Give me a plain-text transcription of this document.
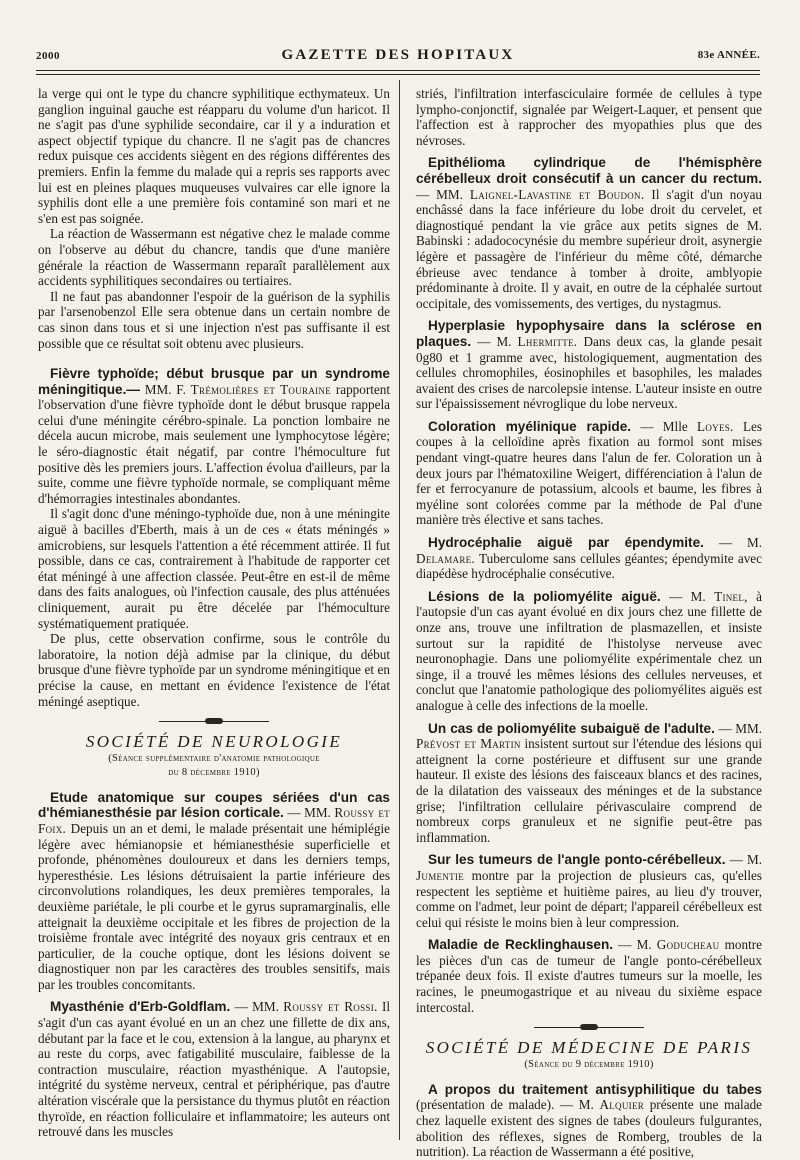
2000	GAZETTE DES HOPITAUX	83e ANNÉE.

la verge qui ont le type du chancre syphilitique ecthymateux. Un ganglion inguinal gauche est réapparu du volume d'un haricot. Il ne s'agit pas d'une syphilide secondaire, car il y a induration et aspect objectif typique du chancre. Il ne s'agit pas de chancres redux puisque ces accidents siègent en des régions différentes des premiers. Enfin la femme du malade qui a repris ses rapports avec lui est en pleines plaques muqueuses vulvaires car elle ignore la syphilis dont elle a une première fois contaminé son mari et ne s'en est pas soignée.

La réaction de Wassermann est négative chez le malade comme on l'observe au début du chancre, tandis que d'une manière générale la réaction de Wassermann reparaît parallèlement aux accidents syphilitiques secondaires ou tertiaires.

Il ne faut pas abandonner l'espoir de la guérison de la syphilis par l'arsenobenzol Elle sera obtenue dans un certain nombre de cas sinon dans tous et si une injection n'est pas suffisante il est possible que ce résultat soit obtenu avec plusieurs.

Fièvre typhoïde; début brusque par un syndrome méningitique.— MM. F. Trémolières et Touraine rapportent l'observation d'une fièvre typhoïde dont le début brusque rappela celui d'une méningite cérébro-spinale. La ponction lombaire ne décela aucun microbe, mais seulement une lymphocytose légère; le séro-diagnostic était négatif, par contre l'hémoculture fut positive dès les premiers jours. L'affection évolua d'ailleurs, par la suite, comme une fièvre typhoïde normale, se compliquant même d'hémorragies intestinales abondantes.

Il s'agit donc d'une méningo-typhoïde due, non à une méningite aiguë à bacilles d'Eberth, mais à un de ces « états méningés » amicrobiens, sur lesquels l'attention a été récemment attirée. Il fut possible, dans ce cas, contrairement à l'habitude de rapporter cet état méningé à une affection classée. Peut-être en est-il de même dans des faits analogues, où l'infection causale, des plus atténuées cliniquement, aurait pu être décelée par l'hémoculture systématiquement pratiquée.

De plus, cette observation confirme, sous le contrôle du laboratoire, la notion déjà admise par la clinique, du début brusque d'une fièvre typhoïde par un syndrome méningitique et en précise la cause, en mettant en évidence l'existence de l'état méningé aseptique.

SOCIÉTÉ DE NEUROLOGIE
(Séance supplémentaire d'anatomie pathologique
du 8 décembre 1910)

Etude anatomique sur coupes sériées d'un cas d'hémianesthésie par lésion corticale. — MM. Roussy et Foix. Depuis un an et demi, le malade présentait une hémiplégie légère avec hémianopsie et hémianesthésie superficielle et profonde, phénomènes douloureux et dans les derniers temps, hyperesthésie. Les lésions détruisaient la partie inférieure des circonvolutions rolandiques, les deux premières temporales, la deuxième pariétale, le pli courbe et le gyrus supramarginalis, elle atteignait la deuxième occipitale et les fibres de projection de la troisième frontale avec intégrité des noyaux gris centraux et en particulier, de la couche optique, dont les lésions doivent se diagnostiquer non par les caractères des troubles sensitifs, mais par les troubles concomitants.

Myasthénie d'Erb-Goldflam. — MM. Roussy et Rossi. Il s'agit d'un cas ayant évolué en un an chez une fillette de dix ans, débutant par la face et le cou, extension à la langue, au pharynx et au reste du corps, avec fatigabilité musculaire, faiblesse de la contraction musculaire, réaction myasthénique. A l'autopsie, intégrité du système nerveux, central et périphérique, pas d'autre altération viscérale que la persistance du thymus plutôt en réaction thyroïde, en réaction folliculaire et inflammatoire; les auteurs ont retrouvé dans les muscles

striés, l'infiltration interfasciculaire formée de cellules à type lympho-conjonctif, signalée par Weigert-Laquer, et pensent que l'affection est à rapprocher des myopathies plus que des névroses.

Epithélioma cylindrique de l'hémisphère cérébelleux droit consécutif à un cancer du rectum. — MM. Laignel-Lavastine et Boudon. Il s'agit d'un noyau enchâssé dans la face inférieure du lobe droit du cervelet, et diagnostiqué pendant la vie grâce aux petits signes de M. Babinski : adadococynésie du membre supérieur droit, asynergie légère et passagère de l'inférieur du même côté, démarche ébrieuse avec tendance à tomber à droite, amblyopie prédominante à droite. Il y avait, en outre de la céphalée surtout occipitale, des vomissements, des vertiges, du nystagmus.

Hyperplasie hypophysaire dans la sclérose en plaques. — M. Lhermitte. Dans deux cas, la glande pesait 0g80 et 1 gramme avec, histologiquement, augmentation des cellules chromophiles, éosinophiles et basophiles, les malades avaient des crises de narcolepsie intense. L'auteur insiste en outre sur l'épaississement névroglique du lobe nerveux.

Coloration myélinique rapide. — Mlle Loyes. Les coupes à la celloïdine après fixation au formol sont mises pendant vingt-quatre heures dans l'alun de fer. Coloration un à deux jours par l'hématoxiline Weigert, différenciation à l'alun de fer et ferrocyanure de potassium, alcools et baume, les fibres à myéline sont colorées comme par la méthode de Pal d'une manière très élective et sans taches.

Hydrocéphalie aiguë par épendymite. — M. Delamare. Tuberculome sans cellules géantes; épendymite avec diapédèse hydrocéphalie consécutive.

Lésions de la poliomyélite aiguë. — M. Tinel, à l'autopsie d'un cas ayant évolué en dix jours chez une fillette de onze ans, trouve une infiltration de plasmazellen, et insiste surtout sur la rapidité de l'histolyse nerveuse avec neuronophagie. Dans une poliomyélite expérimentale chez un singe, il a trouvé les mêmes lésions des cellules nerveuses, et conclut que l'anatomie pathologique des poliomyélites aiguës est analogue à celle des infections de la moelle.

Un cas de poliomyélite subaiguë de l'adulte. — MM. Prévost et Martin insistent surtout sur l'étendue des lésions qui atteignent la corne postérieure et diffusent sur une grande hauteur. Il existe des lésions des faisceaux blancs et des racines, de la dilatation des vaisseaux des méninges et de la substance grise; l'infiltration cellulaire périvasculaire comprend de nombreux corps granuleux et ne signifie peut-être pas inflammation.

Sur les tumeurs de l'angle ponto-cérébelleux. — M. Jumentie montre par la projection de plusieurs cas, qu'elles respectent les septième et huitième paires, au lieu d'y trouver, comme on l'admet, leur point de départ; l'appareil cérébelleux est celui qui résiste le moins bien à leur compression.

Maladie de Recklinghausen. — M. Goducheau montre les pièces d'un cas de tumeur de l'angle ponto-cérébelleux trépanée deux fois. Il existe d'autres tumeurs sur la moelle, les racines, le pneumogastrique et au niveau du sixième espace intercostal.

SOCIÉTÉ DE MÉDECINE DE PARIS
(Séance du 9 décembre 1910)

A propos du traitement antisyphilitique du tabes (présentation de malade). — M. Alquier présente une malade chez laquelle existent des signes de tabes (douleurs fulgurantes, abolition des réflexes, signes de Romberg, troubles de la nutrition). La réaction de Wassermann a été positive,
